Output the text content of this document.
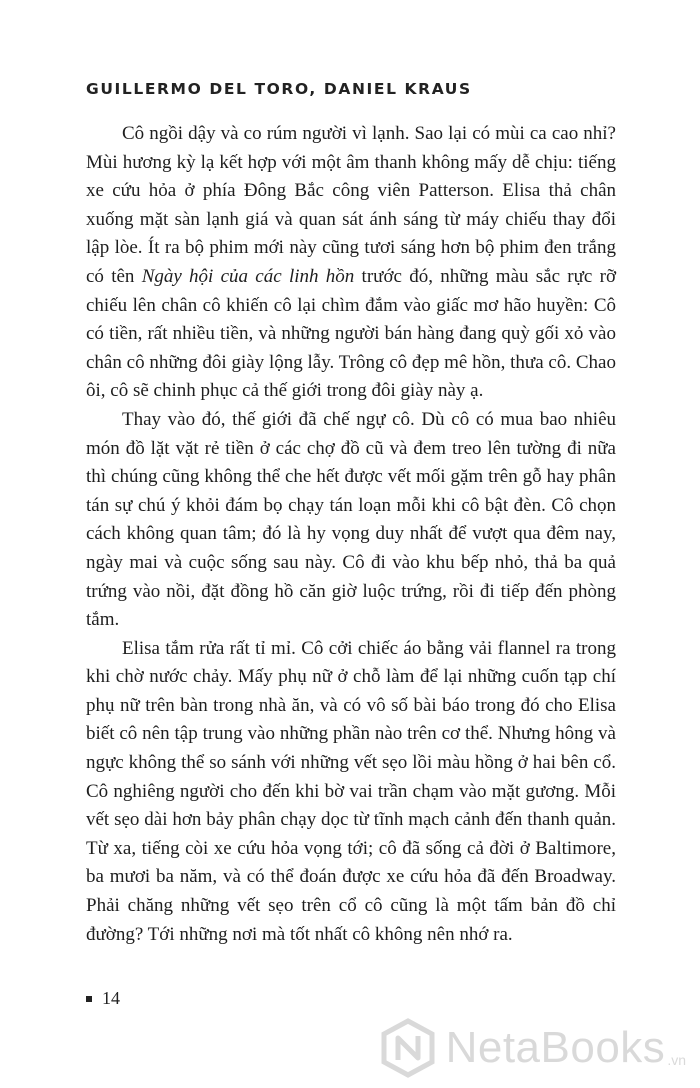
GUILLERMO DEL TORO, DANIEL KRAUS

Cô ngồi dậy và co rúm người vì lạnh. Sao lại có mùi ca cao nhỉ? Mùi hương kỳ lạ kết hợp với một âm thanh không mấy dễ chịu: tiếng xe cứu hỏa ở phía Đông Bắc công viên Patterson. Elisa thả chân xuống mặt sàn lạnh giá và quan sát ánh sáng từ máy chiếu thay đổi lập lòe. Ít ra bộ phim mới này cũng tươi sáng hơn bộ phim đen trắng có tên Ngày hội của các linh hồn trước đó, những màu sắc rực rỡ chiếu lên chân cô khiến cô lại chìm đắm vào giấc mơ hão huyền: Cô có tiền, rất nhiều tiền, và những người bán hàng đang quỳ gối xỏ vào chân cô những đôi giày lộng lẫy. Trông cô đẹp mê hồn, thưa cô. Chao ôi, cô sẽ chinh phục cả thế giới trong đôi giày này ạ.

Thay vào đó, thế giới đã chế ngự cô. Dù cô có mua bao nhiêu món đồ lặt vặt rẻ tiền ở các chợ đồ cũ và đem treo lên tường đi nữa thì chúng cũng không thể che hết được vết mối gặm trên gỗ hay phân tán sự chú ý khỏi đám bọ chạy tán loạn mỗi khi cô bật đèn. Cô chọn cách không quan tâm; đó là hy vọng duy nhất để vượt qua đêm nay, ngày mai và cuộc sống sau này. Cô đi vào khu bếp nhỏ, thả ba quả trứng vào nồi, đặt đồng hồ căn giờ luộc trứng, rồi đi tiếp đến phòng tắm.

Elisa tắm rửa rất tỉ mỉ. Cô cởi chiếc áo bằng vải flannel ra trong khi chờ nước chảy. Mấy phụ nữ ở chỗ làm để lại những cuốn tạp chí phụ nữ trên bàn trong nhà ăn, và có vô số bài báo trong đó cho Elisa biết cô nên tập trung vào những phần nào trên cơ thể. Nhưng hông và ngực không thể so sánh với những vết sẹo lồi màu hồng ở hai bên cổ. Cô nghiêng người cho đến khi bờ vai trần chạm vào mặt gương. Mỗi vết sẹo dài hơn bảy phân chạy dọc từ tĩnh mạch cảnh đến thanh quản. Từ xa, tiếng còi xe cứu hỏa vọng tới; cô đã sống cả đời ở Baltimore, ba mươi ba năm, và có thể đoán được xe cứu hỏa đã đến Broadway. Phải chăng những vết sẹo trên cổ cô cũng là một tấm bản đồ chỉ đường? Tới những nơi mà tốt nhất cô không nên nhớ ra.

14
NetaBooks .vn
